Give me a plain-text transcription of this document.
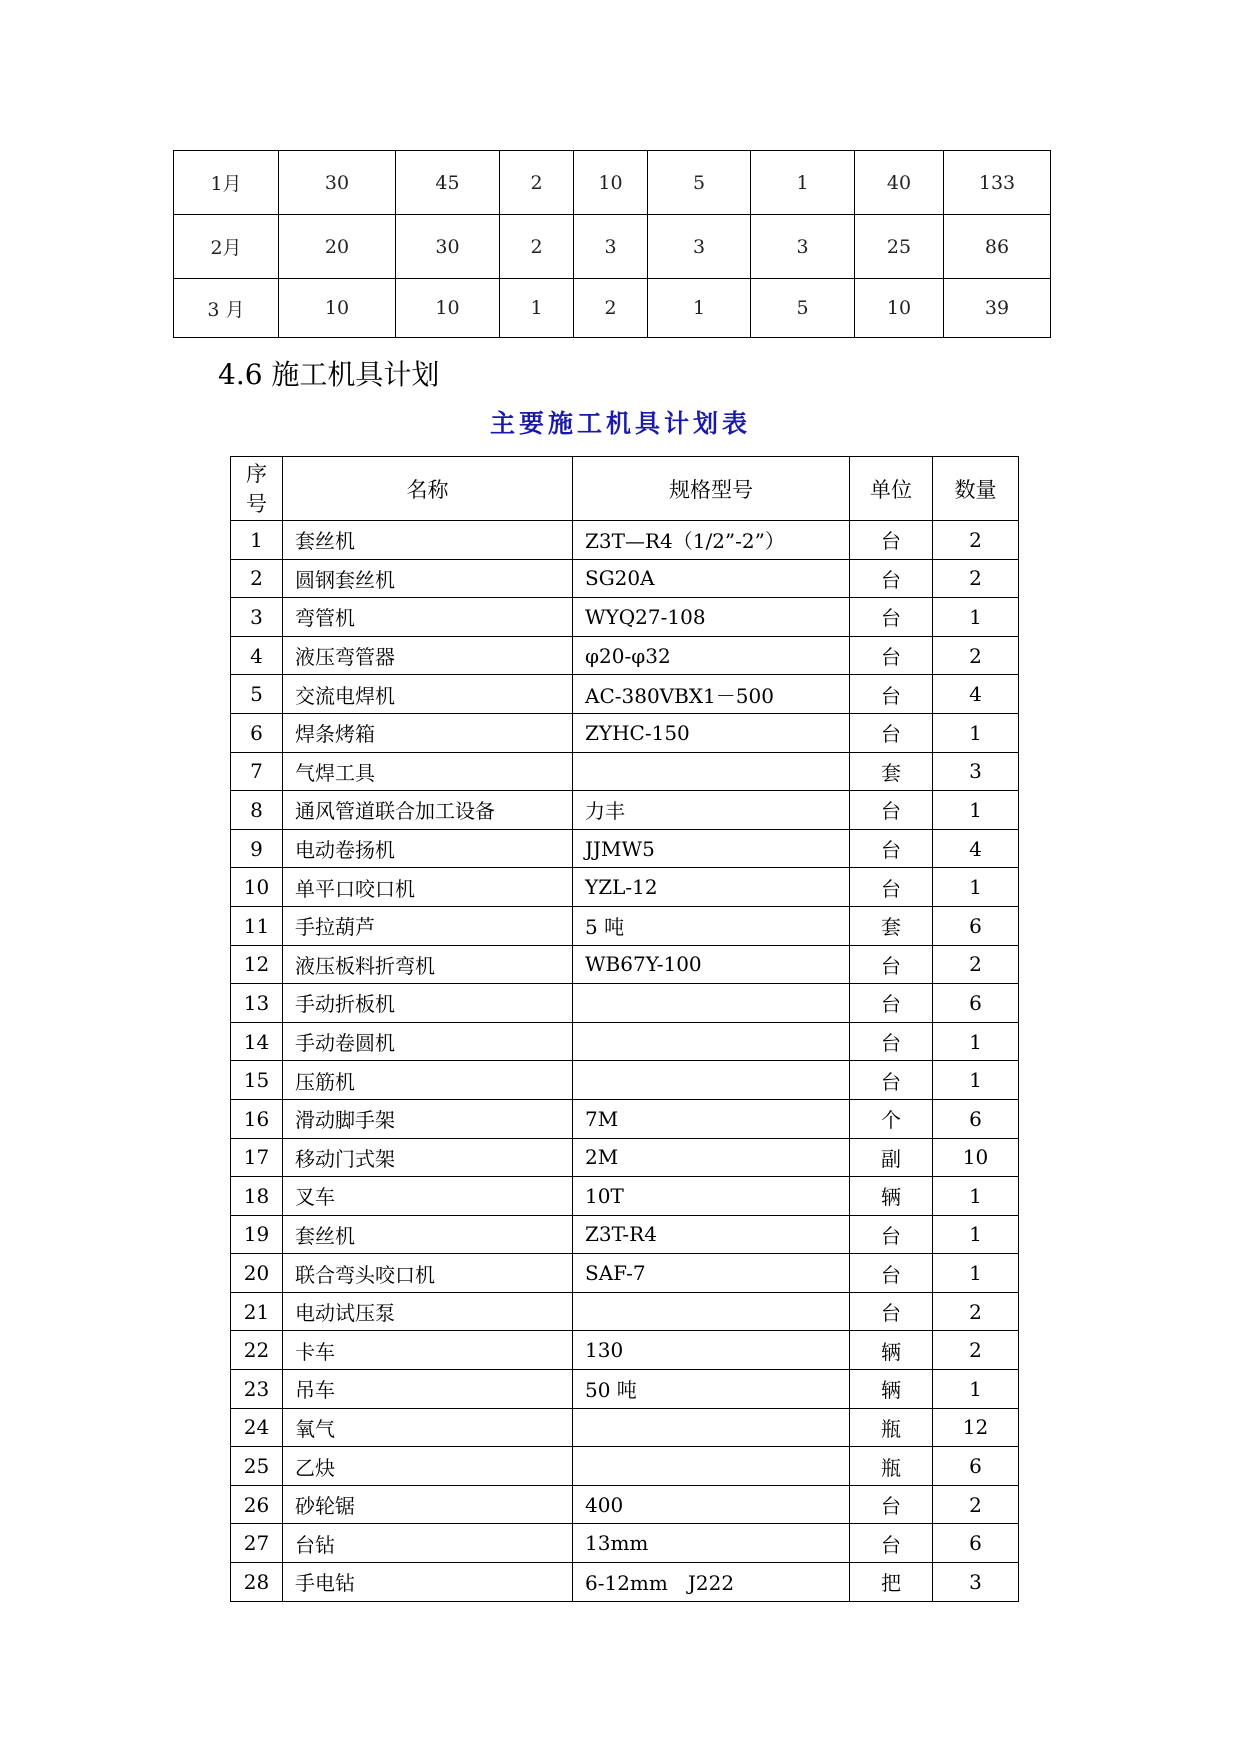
1月	30	45	2	10	5	1	40	133
2月	20	30	2	3	3	3	25	86
3 月	10	10	1	2	1	5	10	39
4.6 施工机具计划
主要施工机具计划表
序
号	名称	规格型号	单位	数量
1	套丝机	Z3T—R4（1/2”-2”）	台	2
2	圆钢套丝机	SG20A	台	2
3	弯管机	WYQ27-108	台	1
4	液压弯管器	φ20-φ32	台	2
5	交流电焊机	AC-380VBX1－500	台	4
6	焊条烤箱	ZYHC-150	台	1
7	气焊工具		套	3
8	通风管道联合加工设备	力丰	台	1
9	电动卷扬机	JJMW5	台	4
10	单平口咬口机	YZL-12	台	1
11	手拉葫芦	5 吨	套	6
12	液压板料折弯机	WB67Y-100	台	2
13	手动折板机		台	6
14	手动卷圆机		台	1
15	压筋机		台	1
16	滑动脚手架	7M	个	6
17	移动门式架	2M	副	10
18	叉车	10T	辆	1
19	套丝机	Z3T-R4	台	1
20	联合弯头咬口机	SAF-7	台	1
21	电动试压泵		台	2
22	卡车	130	辆	2
23	吊车	50 吨	辆	1
24	氧气		瓶	12
25	乙炔		瓶	6
26	砂轮锯	400	台	2
27	台钻	13mm	台	6
28	手电钻	6-12mm　J222	把	3
